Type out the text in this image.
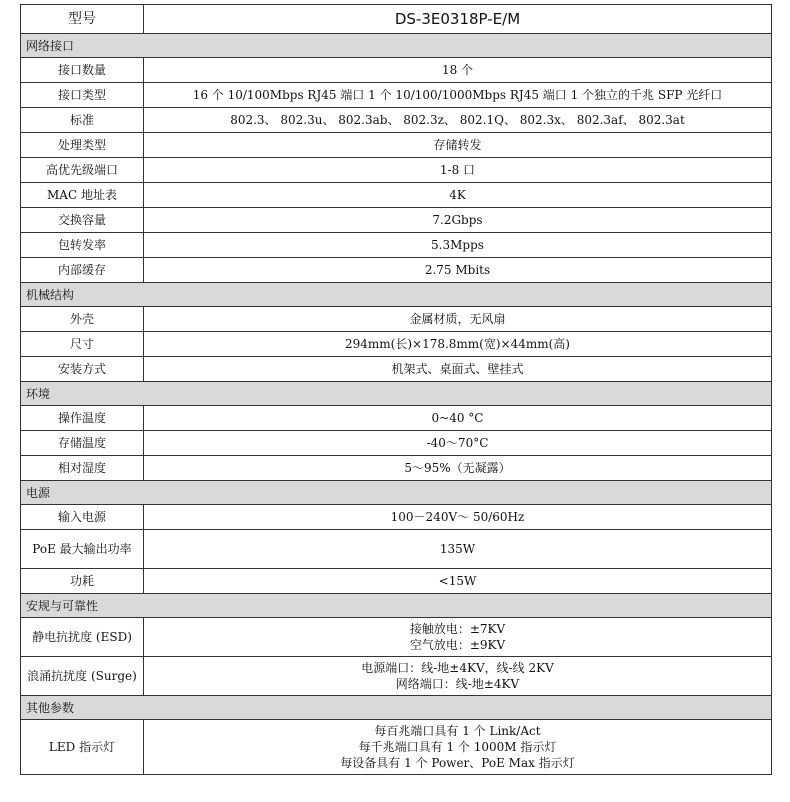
型号	DS-3E0318P-E/M
网络接口	
接口数量	18 个

接口类型	16 个 10/100Mbps RJ45 端口 1 个 10/100/1000Mbps RJ45 端口 1 个独立的千兆 SFP 光纤口

标准	802.3、 802.3u、 802.3ab、 802.3z、 802.1Q、 802.3x、 802.3af、 802.3at

处理类型	存储转发

高优先级端口	1-8 口

MAC 地址表	4K

交换容量	7.2Gbps

包转发率	5.3Mpps

内部缓存	2.75 Mbits

机械结构	
外壳	金属材质，无风扇

尺寸	294mm(长)×178.8mm(宽)×44mm(高)

安装方式	机架式、桌面式、壁挂式

环境	
操作温度	0~40 °C

存储温度	-40～70°C

相对湿度	5～95%（无凝露）

电源	
输入电源	100－240V～ 50/60Hz

PoE 最大输出功率	135W

功耗	<15W

安规与可靠性	
静电抗扰度 (ESD)	接触放电：±7KV
空气放电：±9KV

浪涌抗扰度 (Surge)	电源端口：线-地±4KV，线-线 2KV
网络端口：线-地±4KV

其他参数	
LED 指示灯	每百兆端口具有 1 个 Link/Act
每千兆端口具有 1 个 1000M 指示灯
每设备具有 1 个 Power、PoE Max 指示灯
